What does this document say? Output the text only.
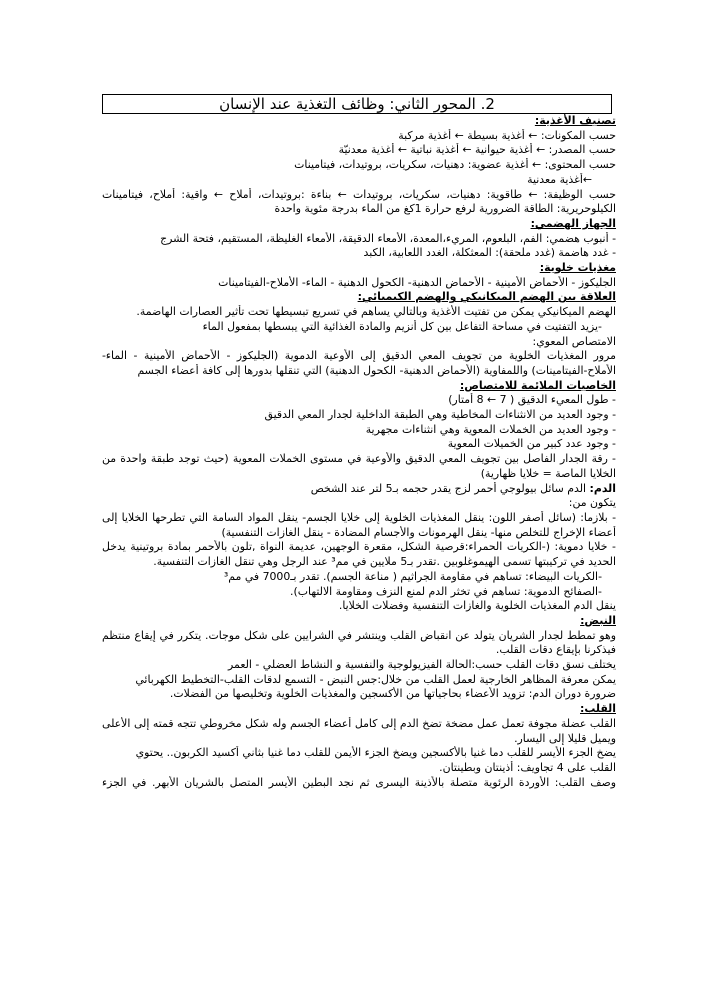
2. المحور الثاني: وظائف التغذية عند الإنسان
تصنيف الأغذية:
حسب المكونات: ← أغذية بسيطة ← أغذية مركبة
حسب المصدر: ← أغذية حيوانية ← أغذية نباتية ← أغذية معدنيّة
حسب المحتوى: ← أغذية عضوية: دهنيات، سكريات، بروتيدات، فيتامينات
←أغذية معدنية
حسب الوظيفة: ← طاقوية: دهنيات، سكريات، بروتيدات ← بناءة :بروتيدات، أملاح ← واقية: أملاح، فيتامينات
الكيلوحريرية: الطاقة الضرورية لرفع حرارة 1كغ من الماء بدرجة مئوية واحدة
الجهاز الهضمي:
- أنبوب هضمي: الفم، البلعوم، المريء،المعدة، الأمعاء الدقيقة، الأمعاء الغليظة، المستقيم، فتحة الشرج
- غدد هاضمة (غدد ملحقة): المعثكلة، الغدد اللعابية، الكبد
مغذيات خلوية:
الجليكوز - الأحماض الأمينية - الأحماض الدهنية- الكحول الدهنية - الماء- الأملاح-الفيتامينات
العلاقة بين الهضم الميكانيكي والهضم الكيميائي:
الهضم الميكانيكي يمكن من تفتيت الأغذية وبالتالي يساهم في تسريع تبسيطها تحت تأثير العصارات الهاضمة.
-يزيد التفتيت في مساحة التفاعل بين كل أنزيم والمادة الغذائية التي يبسطها بمفعول الماء
الامتصاص المعوي:
مرور المغذيات الخلوية من تجويف المعي الدقيق إلى الأوعية الدموية (الجليكوز - الأحماض الأمينية - الماء-
الأملاح-الفيتامينات) واللمفاوية (الأحماض الدهنية- الكحول الدهنية) التي تنقلها بدورها إلى كافة أعضاء الجسم
الخاصيات الملائمة للامتصاص:
- طول المعيء الدقيق ( 7 ← 8 أمتار)
- وجود العديد من الانثناءات المخاطية وهي الطبقة الداخلية لجدار المعي الدقيق
- وجود العديد من الخملات المعوية وهي انثناءات مجهرية
- وجود عدد كبير من الخميلات المعوية
- رقة الجدار الفاصل بين تجويف المعي الدقيق والأوعية في مستوى الخملات المعوية (حيث توجد طبقة واحدة من
الخلايا الماصة = خلايا ظهارية)
الدم: الدم سائل بيولوجي أحمر لزج يقدر حجمه بـ5 لتر عند الشخص
يتكون من:
- بلازما: (سائل أصفر اللون: ينقل المغذيات الخلوية إلى خلايا الجسم- ينقل المواد السامة التي تطرحها الخلايا إلى
أعضاء الإخراج للتخلص منها- ينقل الهرمونات والأجسام المضادة - ينقل الغازات التنفسية)
- خلايا دموية: (-الكريات الحمراء:قرصية الشكل، مقعرة الوجهين، عديمة النواة ,تلون بالأحمر بمادة بروتينية يدخل
الحديد في تركيبتها تسمى الهيموغلوبين .تقدر بـ5 ملايين في مم³ عند الرجل وهي تنقل الغازات التنفسية.
-الكريات البيضاء: تساهم في مقاومة الجراثيم ( مناعة الجسم). تقدر بـ7000 في مم³
-الصفائح الدموية: تساهم في تخثر الدم لمنع النزف ومقاومة الالتهاب).
ينقل الدم المغذيات الخلوية والغازات التنفسية وفضلات الخلايا.
النبض:
وهو تمطط لجدار الشريان يتولد عن انقباض القلب وينتشر في الشرايين على شكل موجات. يتكرر في إيقاع منتظم
فيذكرنا بإيقاع دقات القلب.
يختلف نسق دقات القلب حسب:الحالة الفيزيولوجية والنفسية و النشاط العضلي - العمر
يمكن معرفة المظاهر الخارجية لعمل القلب من خلال:جس النبض - التسمع لدقات القلب-التخطيط الكهربائي
ضرورة دوران الدم: تزويد الأعضاء بحاجياتها من الأكسجين والمغذيات الخلوية وتخليصها من الفضلات.
القلب:
القلب عضلة مجوفة تعمل عمل مضخة تضخ الدم إلى كامل أعضاء الجسم وله شكل مخروطي تتجه قمته إلى الأعلى
ويميل قليلا إلى اليسار.
يضخ الجزء الأيسر للقلب دما غنيا بالأكسجين ويضخ الجزء الأيمن للقلب دما غنيا بثاني أكسيد الكربون.. يحتوي
القلب على 4 تجاويف: أذينتان وبطينتان.
وصف القلب: الأوردة الرئوية متصلة بالأذينة اليسرى ثم نجد البطين الأيسر المتصل بالشريان الأبهر. في الجزء
